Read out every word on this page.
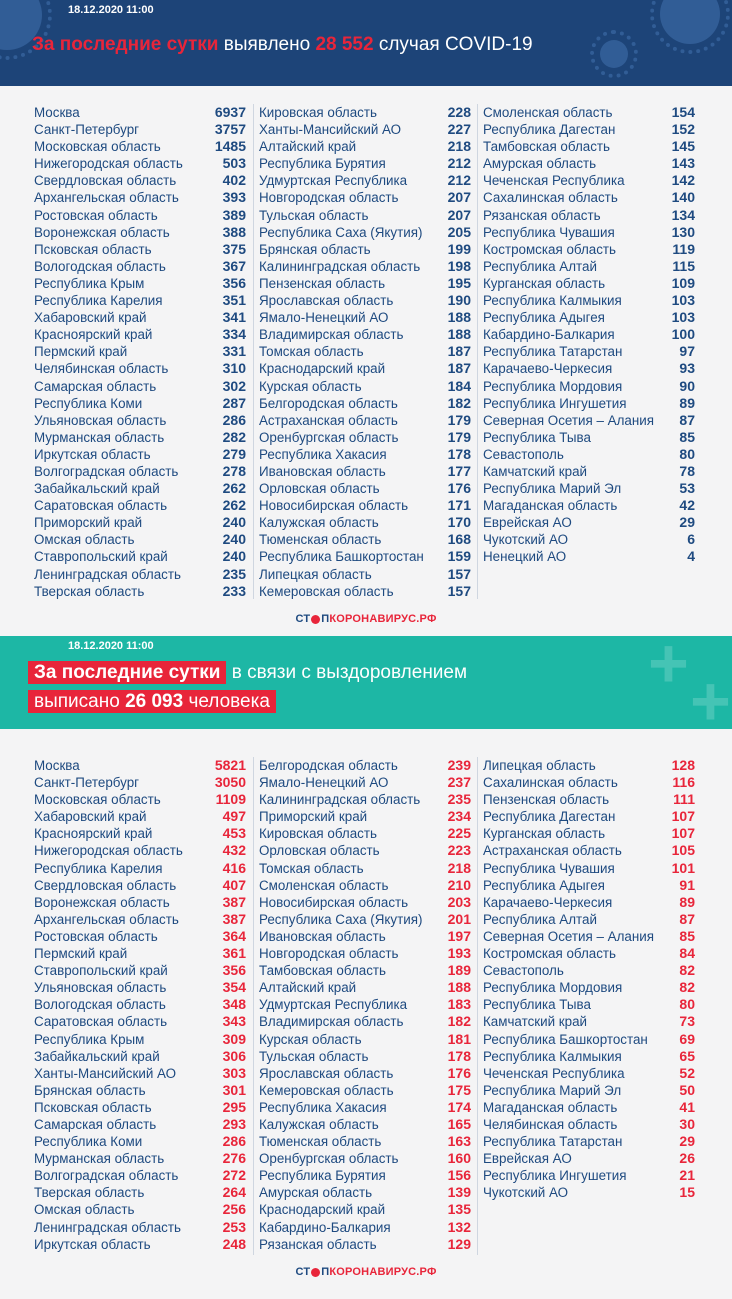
18.12.2020 11:00
За последние сутки выявлено 28 552 случая COVID-19
Москва	6937
Санкт-Петербург	3757
Московская область	1485
Нижегородская область	503
Свердловская область	402
Архангельская область	393
Ростовская область	389
Воронежская область	388
Псковская область	375
Вологодская область	367
Республика Крым	356
Республика Карелия	351
Хабаровский край	341
Красноярский край	334
Пермский край	331
Челябинская область	310
Самарская область	302
Республика Коми	287
Ульяновская область	286
Мурманская область	282
Иркутская область	279
Волгоградская область	278
Забайкальский край	262
Саратовская область	262
Приморский край	240
Омская область	240
Ставропольский край	240
Ленинградская область	235
Тверская область	233
Кировская область	228
Ханты-Мансийский АО	227
Алтайский край	218
Республика Бурятия	212
Удмуртская Республика	212
Новгородская область	207
Тульская область	207
Республика Саха (Якутия) 205
Брянская область	199
Калининградская область 198
Пензенская область	195
Ярославская область	190
Ямало-Ненецкий АО	188
Владимирская область	188
Томская область	187
Краснодарский край	187
Курская область	184
Белгородская область	182
Астраханская область	179
Оренбургская область	179
Республика Хакасия	178
Ивановская область	177
Орловская область	176
Новосибирская область	171
Калужская область	170
Тюменская область	168
Республика Башкортостан 159
Липецкая область	157
Кемеровская область	157
Смоленская область	154
Республика Дагестан	152
Тамбовская область	145
Амурская область	143
Чеченская Республика	142
Сахалинская область	140
Рязанская область	134
Республика Чувашия	130
Костромская область	119
Республика Алтай	115
Курганская область	109
Республика Калмыкия	103
Республика Адыгея	103
Кабардино-Балкария	100
Республика Татарстан	97
Карачаево-Черкесия	93
Республика Мордовия	90
Республика Ингушетия	89
Северная Осетия – Алания 87
Республика Тыва	85
Севастополь	80
Камчатский край	78
Республика Марий Эл	53
Магаданская область	42
Еврейская АО	29
Чукотский АО	6
Ненецкий АО	4
СТ ПКОРОНАВИРУС.РФ
+ +
18.12.2020 11:00
За последние сутки в связи с выздоровлением
выписано 26 093 человека
Москва	5821
Санкт-Петербург	3050
Московская область	1109
Хабаровский край	497
Красноярский край	453
Нижегородская область	432
Республика Карелия	416
Свердловская область	407
Воронежская область	387
Архангельская область	387
Ростовская область	364
Пермский край	361
Ставропольский край	356
Ульяновская область	354
Вологодская область	348
Саратовская область	343
Республика Крым	309
Забайкальский край	306
Ханты-Мансийский АО	303
Брянская область	301
Псковская область	295
Самарская область	293
Республика Коми	286
Мурманская область	276
Волгоградская область	272
Тверская область	264
Омская область	256
Ленинградская область	253
Иркутская область	248
Белгородская область	239
Ямало-Ненецкий АО	237
Калининградская область 235
Приморский край	234
Кировская область	225
Орловская область	223
Томская область	218
Смоленская область	210
Новосибирская область	203
Республика Саха (Якутия) 201
Ивановская область	197
Новгородская область	193
Тамбовская область	189
Алтайский край	188
Удмуртская Республика	183
Владимирская область	182
Курская область	181
Тульская область	178
Ярославская область	176
Кемеровская область	175
Республика Хакасия	174
Калужская область	165
Тюменская область	163
Оренбургская область	160
Республика Бурятия	156
Амурская область	139
Краснодарский край	135
Кабардино-Балкария	132
Рязанская область	129
Липецкая область	128
Сахалинская область	116
Пензенская область	111
Республика Дагестан	107
Курганская область	107
Астраханская область	105
Республика Чувашия	101
Республика Адыгея	91
Карачаево-Черкесия	89
Республика Алтай	87
Северная Осетия – Алания 85
Костромская область	84
Севастополь	82
Республика Мордовия	82
Республика Тыва	80
Камчатский край	73
Республика Башкортостан 69
Республика Калмыкия	65
Чеченская Республика	52
Республика Марий Эл	50
Магаданская область	41
Челябинская область	30
Республика Татарстан	29
Еврейская АО	26
Республика Ингушетия	21
Чукотский АО	15
СТ ПКОРОНАВИРУС.РФ
